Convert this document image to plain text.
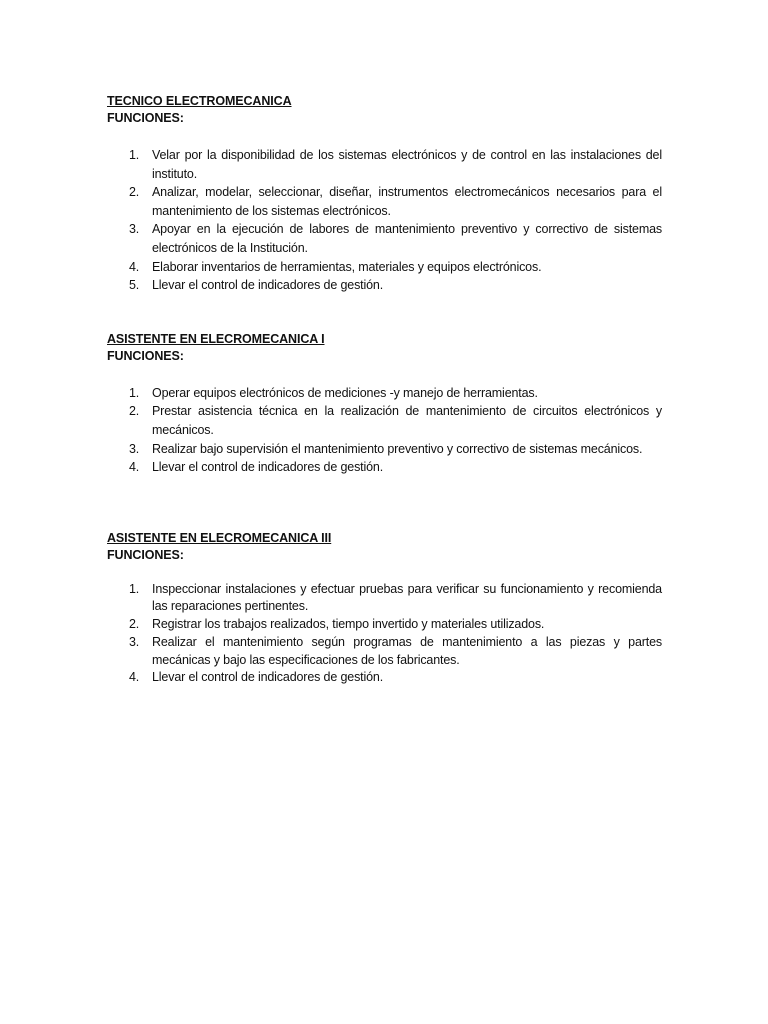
TECNICO ELECTROMECANICA

FUNCIONES:

1. Velar por la disponibilidad de los sistemas electrónicos y de control en las instalaciones del instituto.
2. Analizar, modelar, seleccionar, diseñar, instrumentos electromecánicos necesarios para el mantenimiento de los sistemas electrónicos.
3. Apoyar en la ejecución de labores de mantenimiento preventivo y correctivo de sistemas electrónicos de la Institución.
4. Elaborar inventarios de herramientas, materiales y equipos electrónicos.
5. Llevar el control de indicadores de gestión.

ASISTENTE EN ELECROMECANICA I

FUNCIONES:

1. Operar equipos electrónicos de mediciones -y manejo de herramientas.
2. Prestar asistencia técnica en la realización de mantenimiento de circuitos electrónicos y mecánicos.
3. Realizar bajo supervisión el mantenimiento preventivo y correctivo de sistemas mecánicos.
4. Llevar el control de indicadores de gestión.

ASISTENTE EN ELECROMECANICA III

FUNCIONES:

1. Inspeccionar instalaciones y efectuar pruebas para verificar su funcionamiento y recomienda las reparaciones pertinentes.
2. Registrar los trabajos realizados, tiempo invertido y materiales utilizados.
3. Realizar el mantenimiento según programas de mantenimiento a las piezas y partes mecánicas y bajo las especificaciones de los fabricantes.
4. Llevar el control de indicadores de gestión.
